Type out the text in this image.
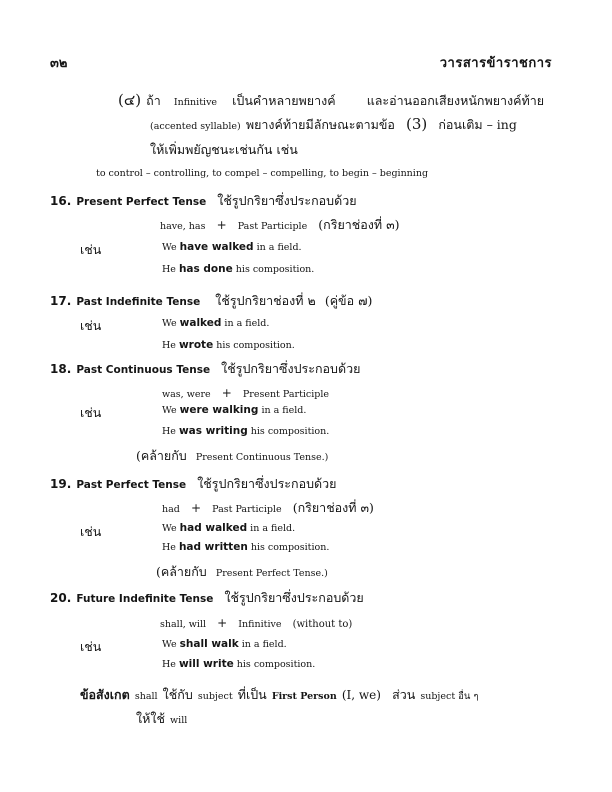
๓๒	วารสารข้าราชการ
(๔) ถ้า Infinitive เป็นคำหลายพยางค์ และอ่านออกเสียงหนักพยางค์ท้าย
(accented syllable) พยางค์ท้ายมีลักษณะตามข้อ (3) ก่อนเติม – ing
ให้เพิ่มพยัญชนะเช่นกัน เช่น
to control – controlling, to compel – compelling, to begin – beginning
16. Present Perfect Tense ใช้รูปกริยาซึ่งประกอบด้วย
have, has + Past Participle (กริยาช่องที่ ๓)
เช่น	We have walked in a field.
He has done his composition.
17. Past Indefinite Tense ใช้รูปกริยาช่องที่ ๒ (คู่ข้อ ๗)
เช่น	We walked in a field.
He wrote his composition.
18. Past Continuous Tense ใช้รูปกริยาซึ่งประกอบด้วย
was, were + Present Participle
เช่น	We were walking in a field.
He was writing his composition.
(คล้ายกับ Present Continuous Tense.)
19. Past Perfect Tense ใช้รูปกริยาซึ่งประกอบด้วย
had + Past Participle (กริยาช่องที่ ๓)
เช่น	We had walked in a field.
He had written his composition.
(คล้ายกับ Present Perfect Tense.)
20. Future Indefinite Tense ใช้รูปกริยาซึ่งประกอบด้วย
shall, will + Infinitive (without to)
เช่น	We shall walk in a field.
He will write his composition.
ข้อสังเกต shall ใช้กับ subject ที่เป็น First Person (I, we) ส่วน subject อื่น ๆ
ให้ใช้ will
